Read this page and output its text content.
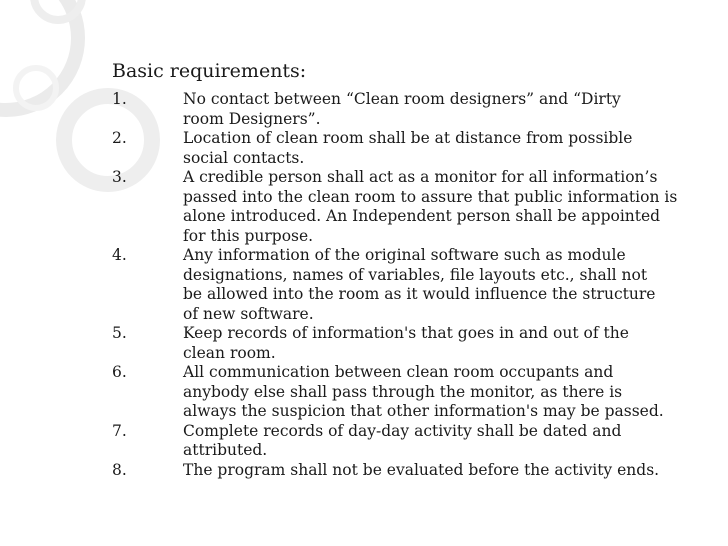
Basic requirements:
1.	No contact between “Clean room designers” and “Dirty
room Designers”.
2.	Location of clean room shall be at distance from possible
social contacts.
3.	A credible person shall act as a monitor for all information’s
passed into the clean room to assure that public information is
alone introduced. An Independent person shall be appointed
for this purpose.
4.	Any information of the original software such as module
designations, names of variables, file layouts etc., shall not
be allowed into the room as it would influence the structure
of new software.
5.	Keep records of information's that goes in and out of the
clean room.
6.	All communication between clean room occupants and
anybody else shall pass through the monitor, as there is
always the suspicion that other information's may be passed.
7.	Complete records of day-day activity shall be dated and
attributed.
8.	The program shall not be evaluated before the activity ends.
